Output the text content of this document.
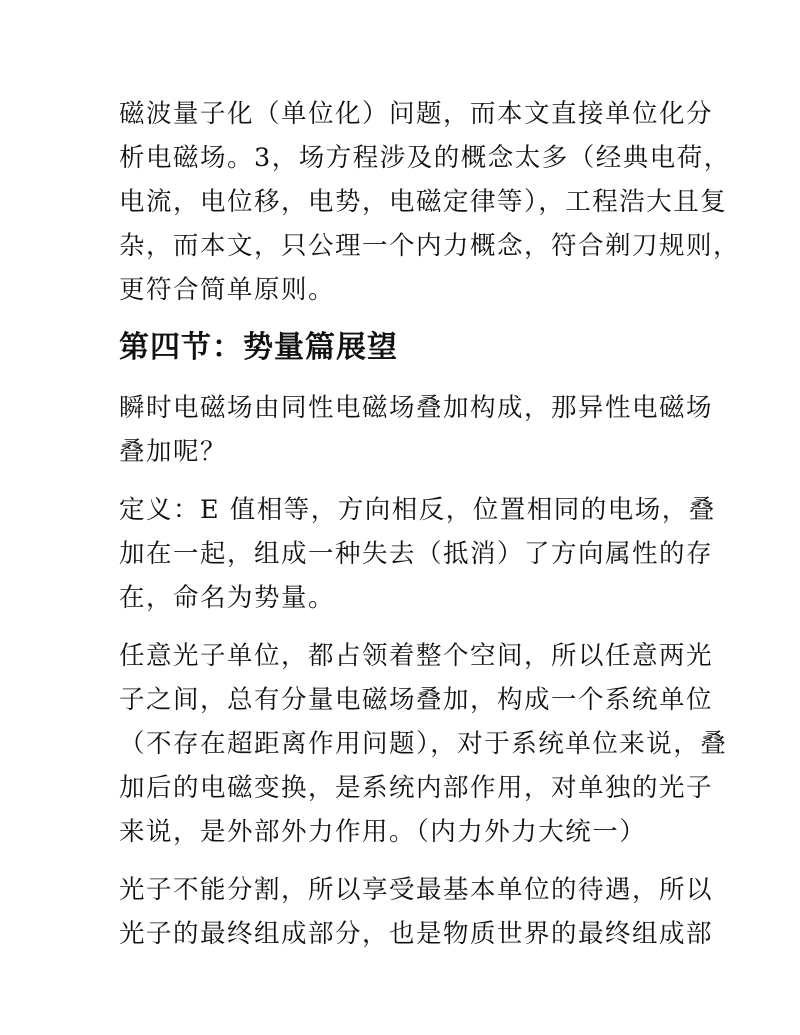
磁波量子化（单位化）问题，而本文直接单位化分
析电磁场。3，场方程涉及的概念太多（经典电荷，
电流，电位移，电势，电磁定律等），工程浩大且复
杂，而本文，只公理一个内力概念，符合剃刀规则，
更符合简单原则。

第四节：势量篇展望

瞬时电磁场由同性电磁场叠加构成，那异性电磁场
叠加呢？

定义：E 值相等，方向相反，位置相同的电场，叠
加在一起，组成一种失去（抵消）了方向属性的存
在，命名为势量。

任意光子单位，都占领着整个空间，所以任意两光
子之间，总有分量电磁场叠加，构成一个系统单位
（不存在超距离作用问题），对于系统单位来说，叠
加后的电磁变换，是系统内部作用，对单独的光子
来说，是外部外力作用。（内力外力大统一）

光子不能分割，所以享受最基本单位的待遇，所以
光子的最终组成部分，也是物质世界的最终组成部
